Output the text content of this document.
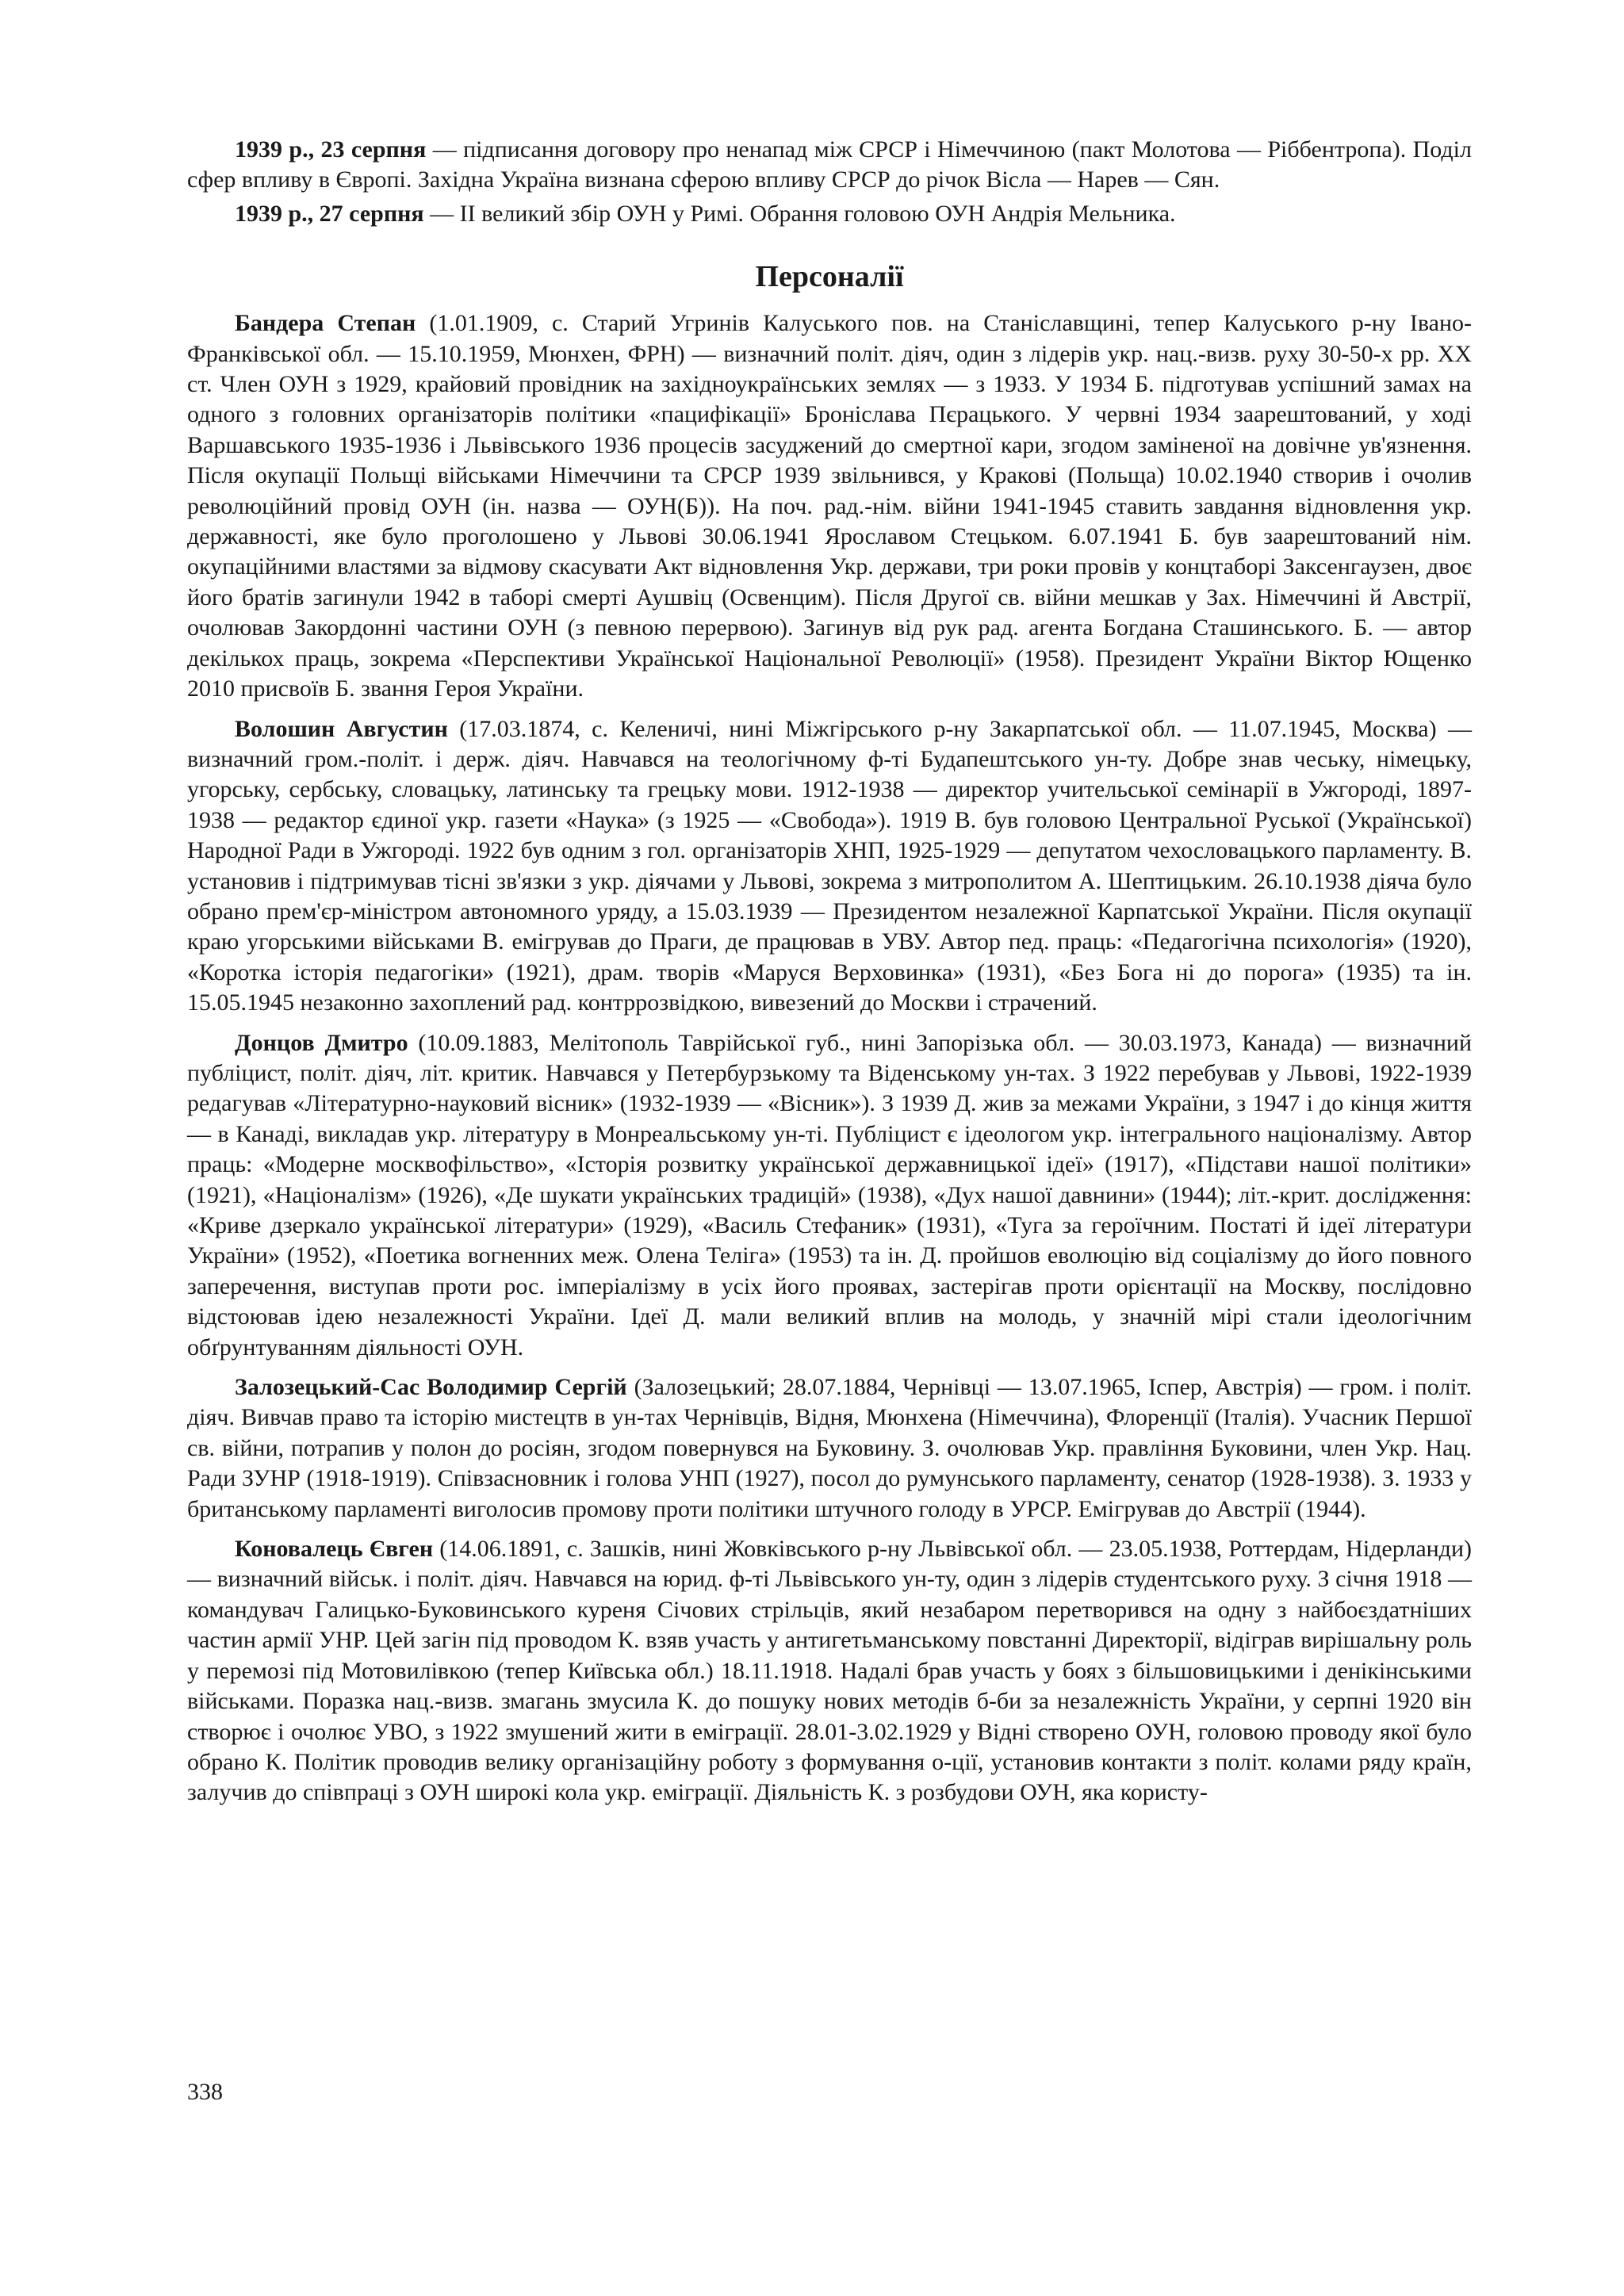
1939 р., 23 серпня — підписання договору про ненапад між СРСР і Німеччиною (пакт Молотова — Ріббентропа). Поділ сфер впливу в Європі. Західна Україна визнана сферою впливу СРСР до річок Вісла — Нарев — Сян.

1939 р., 27 серпня — II великий збір ОУН у Римі. Обрання головою ОУН Андрія Мельника.

Персоналії

Бандера Степан (1.01.1909, с. Старий Угринів Калуського пов. на Станіславщині, тепер Калуського р-ну Івано-Франківської обл. — 15.10.1959, Мюнхен, ФРН) — визначний політ. діяч, один з лідерів укр. нац.-визв. руху 30-50-х рр. XX ст. Член ОУН з 1929, крайовий провідник на західноукраїнських землях — з 1933. У 1934 Б. підготував успішний замах на одного з головних організаторів політики «пацифікації» Броніслава Пєрацького. У червні 1934 заарештований, у ході Варшавського 1935-1936 і Львівського 1936 процесів засуджений до смертної кари, згодом заміненої на довічне ув'язнення. Після окупації Польщі військами Німеччини та СРСР 1939 звільнився, у Кракові (Польща) 10.02.1940 створив і очолив революційний провід ОУН (ін. назва — ОУН(Б)). На поч. рад.-нім. війни 1941-1945 ставить завдання відновлення укр. державності, яке було проголошено у Львові 30.06.1941 Ярославом Стецьком. 6.07.1941 Б. був заарештований нім. окупаційними властями за відмову скасувати Акт відновлення Укр. держави, три роки провів у концтаборі Заксенгаузен, двоє його братів загинули 1942 в таборі смерті Аушвіц (Освенцим). Після Другої св. війни мешкав у Зах. Німеччині й Австрії, очолював Закордонні частини ОУН (з певною перервою). Загинув від рук рад. агента Богдана Сташинського. Б. — автор декількох праць, зокрема «Перспективи Української Національної Революції» (1958). Президент України Віктор Ющенко 2010 присвоїв Б. звання Героя України.

Волошин Августин (17.03.1874, с. Келеничі, нині Міжгірського р-ну Закарпатської обл. — 11.07.1945, Москва) — визначний гром.-політ. і держ. діяч. Навчався на теологічному ф-ті Будапештського ун-ту. Добре знав чеську, німецьку, угорську, сербську, словацьку, латинську та грецьку мови. 1912-1938 — директор учительської семінарії в Ужгороді, 1897-1938 — редактор єдиної укр. газети «Наука» (з 1925 — «Свобода»). 1919 В. був головою Центральної Руської (Української) Народної Ради в Ужгороді. 1922 був одним з гол. організаторів ХНП, 1925-1929 — депутатом чехословацького парламенту. В. установив і підтримував тісні зв'язки з укр. діячами у Львові, зокрема з митрополитом А. Шептицьким. 26.10.1938 діяча було обрано прем'єр-міністром автономного уряду, а 15.03.1939 — Президентом незалежної Карпатської України. Після окупації краю угорськими військами В. емігрував до Праги, де працював в УВУ. Автор пед. праць: «Педагогічна психологія» (1920), «Коротка історія педагогіки» (1921), драм. творів «Маруся Верховинка» (1931), «Без Бога ні до порога» (1935) та ін. 15.05.1945 незаконно захоплений рад. контррозвідкою, вивезений до Москви і страчений.

Донцов Дмитро (10.09.1883, Мелітополь Таврійської губ., нині Запорізька обл. — 30.03.1973, Канада) — визначний публіцист, політ. діяч, літ. критик. Навчався у Петербурзькому та Віденському ун-тах. З 1922 перебував у Львові, 1922-1939 редагував «Літературно-науковий вісник» (1932-1939 — «Вісник»). З 1939 Д. жив за межами України, з 1947 і до кінця життя — в Канаді, викладав укр. літературу в Монреальському ун-ті. Публіцист є ідеологом укр. інтегрального націоналізму. Автор праць: «Модерне москвофільство», «Історія розвитку української державницької ідеї» (1917), «Підстави нашої політики» (1921), «Націоналізм» (1926), «Де шукати українських традицій» (1938), «Дух нашої давнини» (1944); літ.-крит. дослідження: «Криве дзеркало української літератури» (1929), «Василь Стефаник» (1931), «Туга за героїчним. Постаті й ідеї літератури України» (1952), «Поетика вогненних меж. Олена Теліга» (1953) та ін. Д. пройшов еволюцію від соціалізму до його повного заперечення, виступав проти рос. імперіалізму в усіх його проявах, застерігав проти орієнтації на Москву, послідовно відстоював ідею незалежності України. Ідеї Д. мали великий вплив на молодь, у значній мірі стали ідеологічним обґрунтуванням діяльності ОУН.

Залозецький-Сас Володимир Сергій (Залозецький; 28.07.1884, Чернівці — 13.07.1965, Іспер, Австрія) — гром. і політ. діяч. Вивчав право та історію мистецтв в ун-тах Чернівців, Відня, Мюнхена (Німеччина), Флоренції (Італія). Учасник Першої св. війни, потрапив у полон до росіян, згодом повернувся на Буковину. З. очолював Укр. правління Буковини, член Укр. Нац. Ради ЗУНР (1918-1919). Співзасновник і голова УНП (1927), посол до румунського парламенту, сенатор (1928-1938). З. 1933 у британському парламенті виголосив промову проти політики штучного голоду в УРСР. Емігрував до Австрії (1944).

Коновалець Євген (14.06.1891, с. Зашків, нині Жовківського р-ну Львівської обл. — 23.05.1938, Роттердам, Нідерланди) — визначний військ. і політ. діяч. Навчався на юрид. ф-ті Львівського ун-ту, один з лідерів студентського руху. З січня 1918 — командувач Галицько-Буковинського куреня Січових стрільців, який незабаром перетворився на одну з найбоєздатніших частин армії УНР. Цей загін під проводом К. взяв участь у антигетьманському повстанні Директорії, відіграв вирішальну роль у перемозі під Мотовилівкою (тепер Київська обл.) 18.11.1918. Надалі брав участь у боях з більшовицькими і денікінськими військами. Поразка нац.-визв. змагань змусила К. до пошуку нових методів б-би за незалежність України, у серпні 1920 він створює і очолює УВО, з 1922 змушений жити в еміграції. 28.01-3.02.1929 у Відні створено ОУН, головою проводу якої було обрано К. Політик проводив велику організаційну роботу з формування о-ції, установив контакти з політ. колами ряду країн, залучив до співпраці з ОУН широкі кола укр. еміграції. Діяльність К. з розбудови ОУН, яка користу-

338
